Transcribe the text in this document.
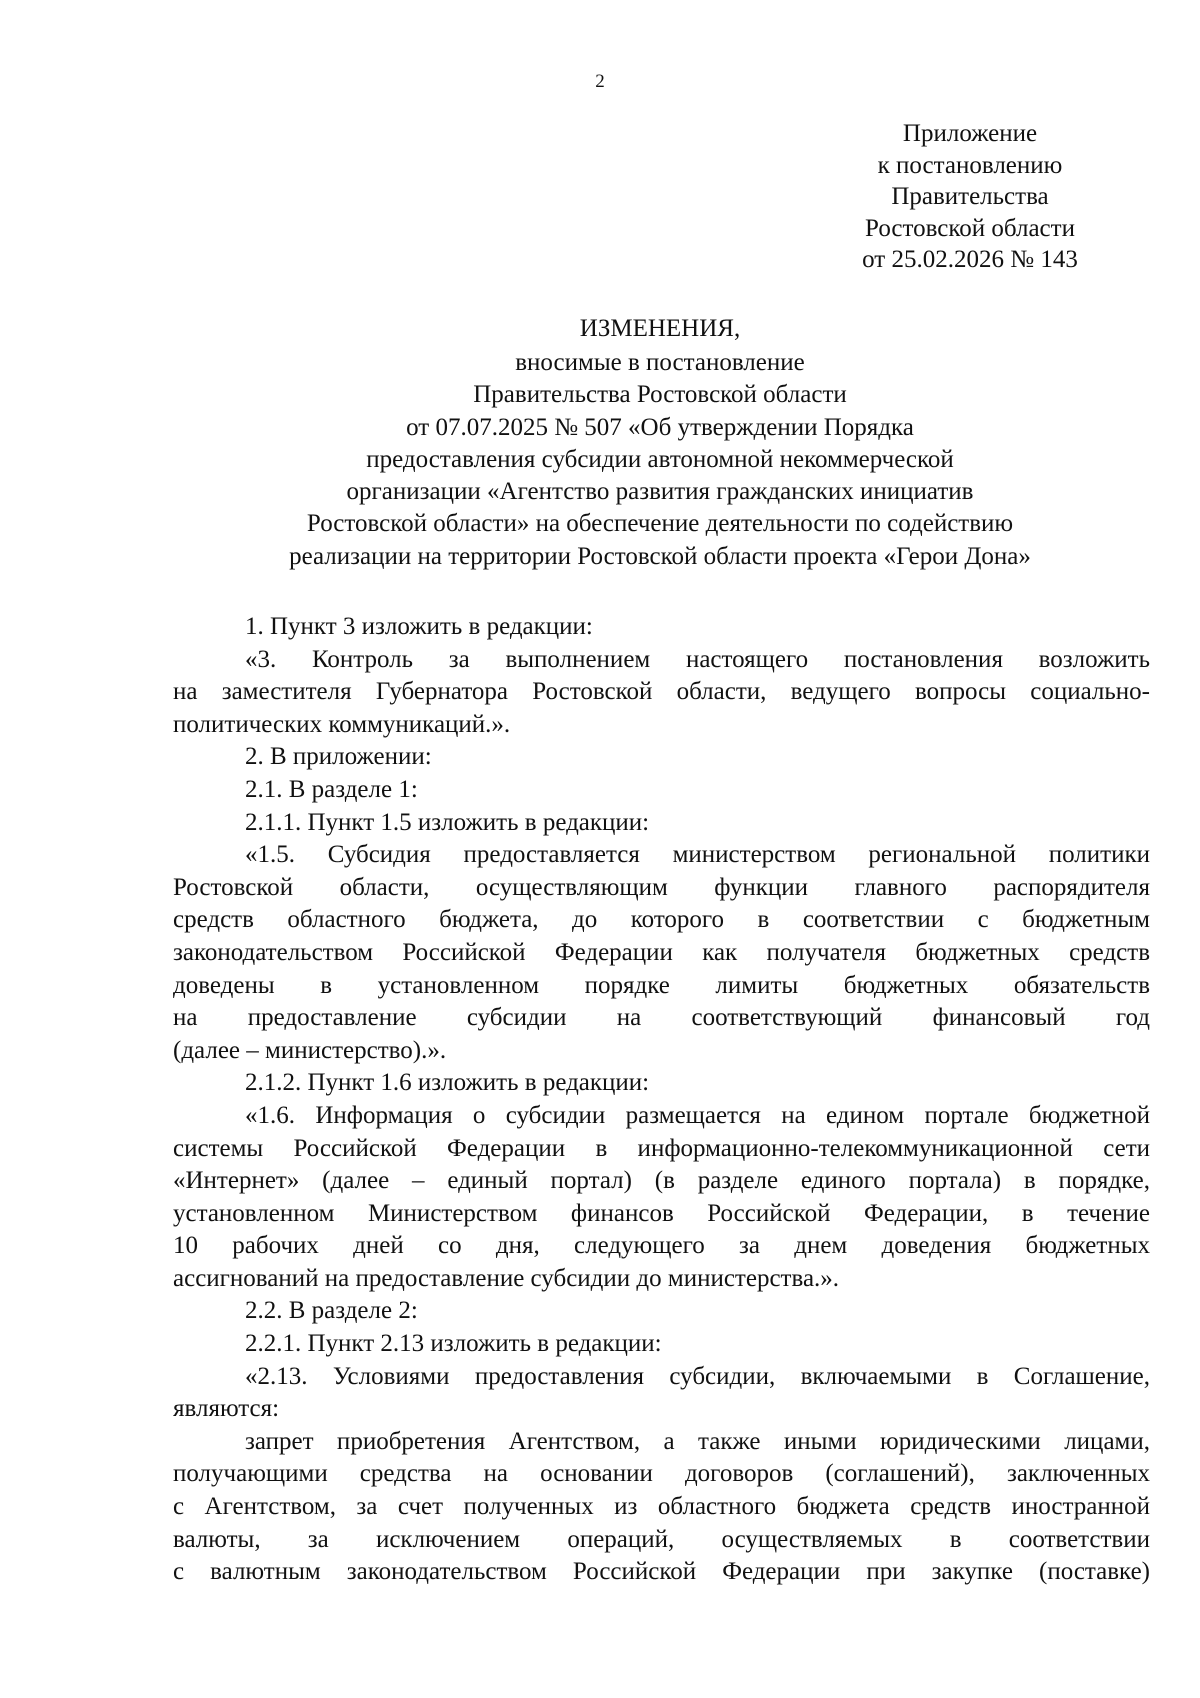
2
Приложение
к постановлению
Правительства
Ростовской области
от 25.02.2026 № 143
ИЗМЕНЕНИЯ,
вносимые в постановление
Правительства Ростовской области
от 07.07.2025 № 507 «Об утверждении Порядка
предоставления субсидии автономной некоммерческой
организации «Агентство развития гражданских инициатив
Ростовской области» на обеспечение деятельности по содействию
реализации на территории Ростовской области проекта «Герои Дона»
1. Пункт 3 изложить в редакции:
«3. Контроль за выполнением настоящего постановления возложить
на заместителя Губернатора Ростовской области, ведущего вопросы социально-
политических коммуникаций.».
2. В приложении:
2.1. В разделе 1:
2.1.1. Пункт 1.5 изложить в редакции:
«1.5. Субсидия предоставляется министерством региональной политики
Ростовской области, осуществляющим функции главного распорядителя
средств областного бюджета, до которого в соответствии с бюджетным
законодательством Российской Федерации как получателя бюджетных средств
доведены в установленном порядке лимиты бюджетных обязательств
на предоставление субсидии на соответствующий финансовый год
(далее – министерство).».
2.1.2. Пункт 1.6 изложить в редакции:
«1.6. Информация о субсидии размещается на едином портале бюджетной
системы Российской Федерации в информационно-телекоммуникационной сети
«Интернет» (далее – единый портал) (в разделе единого портала) в порядке,
установленном Министерством финансов Российской Федерации, в течение
10 рабочих дней со дня, следующего за днем доведения бюджетных
ассигнований на предоставление субсидии до министерства.».
2.2. В разделе 2:
2.2.1. Пункт 2.13 изложить в редакции:
«2.13. Условиями предоставления субсидии, включаемыми в Соглашение,
являются:
запрет приобретения Агентством, а также иными юридическими лицами,
получающими средства на основании договоров (соглашений), заключенных
с Агентством, за счет полученных из областного бюджета средств иностранной
валюты, за исключением операций, осуществляемых в соответствии
с валютным законодательством Российской Федерации при закупке (поставке)
